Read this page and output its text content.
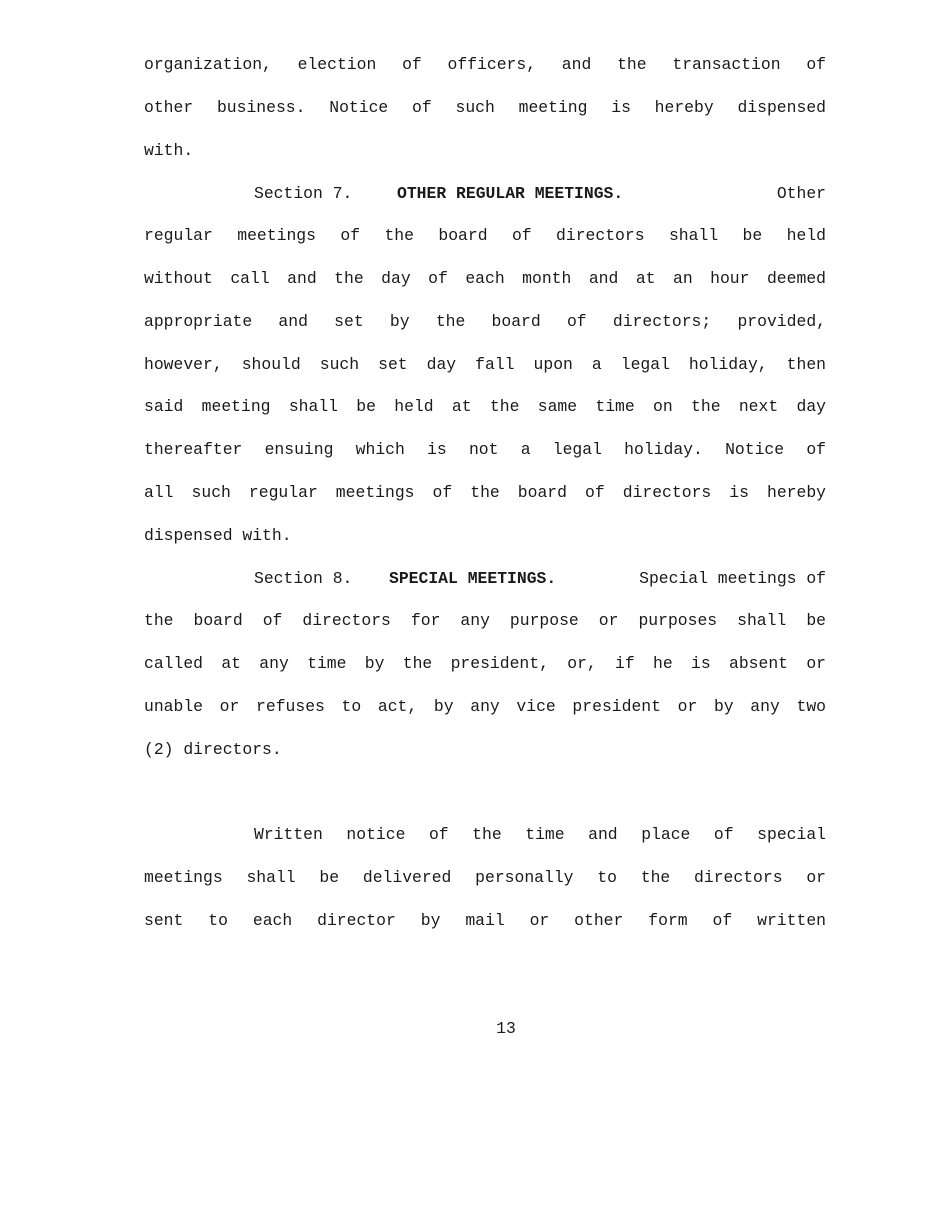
organization, election of officers, and the transaction of
other business. Notice of such meeting is hereby dispensed
with.
Section 7.	OTHER REGULAR MEETINGS.	Other
regular meetings of the board of directors shall be held
without call and the day of each month and at an hour deemed
appropriate and set by the board of directors; provided,
however, should such set day fall upon a legal holiday, then
said meeting shall be held at the same time on the next day
thereafter ensuing which is not a legal holiday. Notice of
all such regular meetings of the board of directors is hereby
dispensed with.
Section 8. SPECIAL MEETINGS.	Special meetings of
the board of directors for any purpose or purposes shall be
called at any time by the president, or, if he is absent or
unable or refuses to act, by any vice president or by any two
(2) directors.
Written notice of the time and place of special
meetings shall be delivered personally to the directors or
sent to each director by mail or other form of written
13
